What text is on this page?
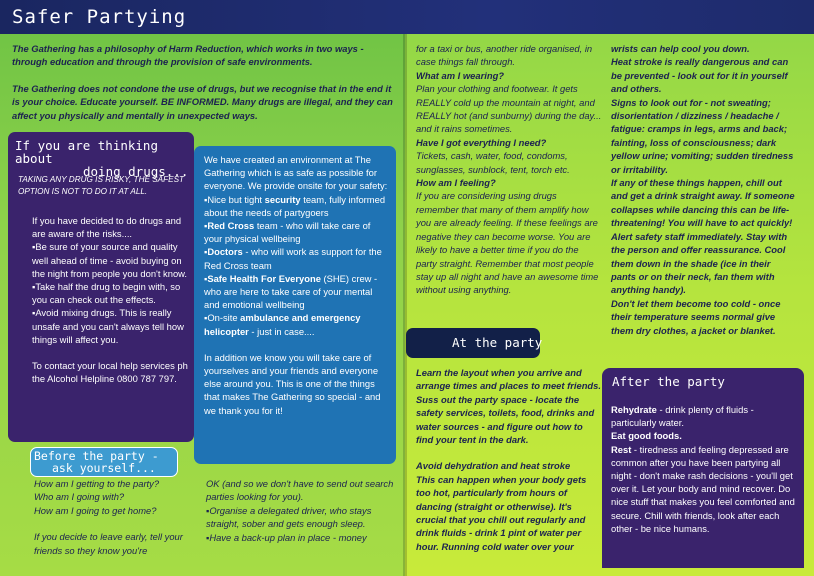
Safer Partying

The Gathering has a philosophy of Harm Reduction, which works in two ways - through education and through the provision of safe environments.

The Gathering does not condone the use of drugs, but we recognise that in the end it is your choice. Educate yourself. BE INFORMED. Many drugs are illegal, and they can affect you physically and mentally in unexpected ways.

If you are thinking about
doing drugs...
TAKING ANY DRUG IS RISKY, THE SAFEST OPTION IS NOT TO DO IT AT ALL.

If you have decided to do drugs and are aware of the risks....

▪Be sure of your source and quality well ahead of time - avoid buying on the night from people you don't know.

▪Take half the drug to begin with, so you can check out the effects.

▪Avoid mixing drugs. This is really unsafe and you can't always tell how things will affect you.

To contact your local help services ph the Alcohol Helpline 0800 787 797.

We have created an environment at The Gathering which is as safe as possible for everyone. We provide onsite for your safety:

▪Nice but tight security team, fully informed about the needs of partygoers

▪Red Cross team - who will take care of your physical wellbeing

▪Doctors - who will work as support for the Red Cross team

▪Safe Health For Everyone (SHE) crew - who are here to take care of your mental and emotional wellbeing

▪On-site ambulance and emergency helicopter - just in case....

In addition we know you will take care of yourselves and your friends and everyone else around you. This is one of the things that makes The Gathering so special - and we thank you for it!

Before the party -
ask yourself...

How am I getting to the party?

Who am I going with?

How am I going to get home?

If you decide to leave early, tell your friends so they know you're

OK (and so we don't have to send out search parties looking for you).

▪Organise a delegated driver, who stays straight, sober and gets enough sleep.

▪Have a back-up plan in place - money

for a taxi or bus, another ride organised, in case things fall through.

What am I wearing?

Plan your clothing and footwear. It gets REALLY cold up the mountain at night, and REALLY hot (and sunburny) during the day... and it rains sometimes.

Have I got everything I need?

Tickets, cash, water, food, condoms, sunglasses, sunblock, tent, torch etc.

How am I feeling?

If you are considering using drugs remember that many of them amplify how you are already feeling. If these feelings are negative they can become worse. You are likely to have a better time if you do the party straight. Remember that most people stay up all night and have an awesome time without using anything.

At the party

Learn the layout when you arrive and arrange times and places to meet friends. Suss out the party space - locate the safety services, toilets, food, drinks and water sources - and figure out how to find your tent in the dark.

Avoid dehydration and heat stroke

This can happen when your body gets too hot, particularly from hours of dancing (straight or otherwise). It's crucial that you chill out regularly and drink fluids - drink 1 pint of water per hour. Running cold water over your

wrists can help cool you down.

Heat stroke is really dangerous and can be prevented - look out for it in yourself and others.

Signs to look out for - not sweating; disorientation / dizziness / headache / fatigue: cramps in legs, arms and back; fainting, loss of consciousness; dark yellow urine; vomiting; sudden tiredness or irritability.

If any of these things happen, chill out and get a drink straight away. If someone collapses while dancing this can be life-threatening! You will have to act quickly!

Alert safety staff immediately. Stay with the person and offer reassurance. Cool them down in the shade (ice in their pants or on their neck, fan them with anything handy).

Don't let them become too cold - once their temperature seems normal give them dry clothes, a jacket or blanket.

After the party

Rehydrate - drink plenty of fluids - particularly water.

Eat good foods.

Rest - tiredness and feeling depressed are common after you have been partying all night - don't make rash decisions - you'll get over it. Let your body and mind recover. Do nice stuff that makes you feel comforted and secure. Chill with friends, look after each other - be nice humans.
